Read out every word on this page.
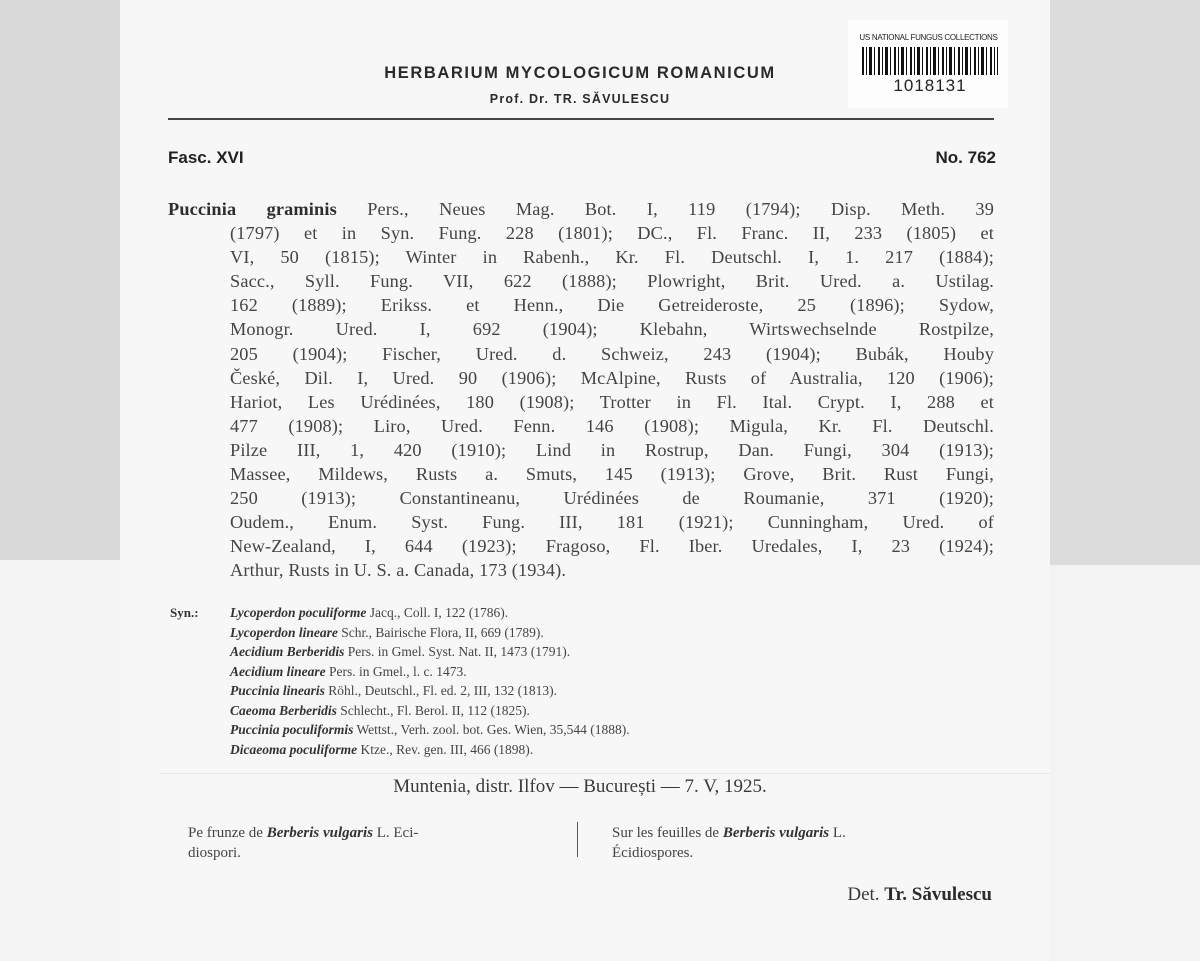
US NATIONAL FUNGUS COLLECTIONS
1018131
HERBARIUM MYCOLOGICUM ROMANICUM
Prof. Dr. TR. SĂVULESCU
Fasc. XVI	No. 762
Puccinia graminis Pers., Neues Mag. Bot. I, 119 (1794); Disp. Meth. 39
(1797) et in Syn. Fung. 228 (1801); DC., Fl. Franc. II, 233 (1805) et
VI, 50 (1815); Winter in Rabenh., Kr. Fl. Deutschl. I, 1. 217 (1884);
Sacc., Syll. Fung. VII, 622 (1888); Plowright, Brit. Ured. a. Ustilag.
162 (1889); Erikss. et Henn., Die Getreideroste, 25 (1896); Sydow,
Monogr. Ured. I, 692 (1904); Klebahn, Wirtswechselnde Rostpilze,
205 (1904); Fischer, Ured. d. Schweiz, 243 (1904); Bubák, Houby
České, Dil. I, Ured. 90 (1906); McAlpine, Rusts of Australia, 120 (1906);
Hariot, Les Urédinées, 180 (1908); Trotter in Fl. Ital. Crypt. I, 288 et
477 (1908); Liro, Ured. Fenn. 146 (1908); Migula, Kr. Fl. Deutschl.
Pilze III, 1, 420 (1910); Lind in Rostrup, Dan. Fungi, 304 (1913);
Massee, Mildews, Rusts a. Smuts, 145 (1913); Grove, Brit. Rust Fungi,
250 (1913); Constantineanu, Urédinées de Roumanie, 371 (1920);
Oudem., Enum. Syst. Fung. III, 181 (1921); Cunningham, Ured. of
New-Zealand, I, 644 (1923); Fragoso, Fl. Iber. Uredales, I, 23 (1924);
Arthur, Rusts in U. S. a. Canada, 173 (1934).
Syn.: Lycoperdon poculiforme Jacq., Coll. I, 122 (1786).
Lycoperdon lineare Schr., Bairische Flora, II, 669 (1789).
Aecidium Berberidis Pers. in Gmel. Syst. Nat. II, 1473 (1791).
Aecidium lineare Pers. in Gmel., l. c. 1473.
Puccinia linearis Röhl., Deutschl., Fl. ed. 2, III, 132 (1813).
Caeoma Berberidis Schlecht., Fl. Berol. II, 112 (1825).
Puccinia poculiformis Wettst., Verh. zool. bot. Ges. Wien, 35,544 (1888).
Dicaeoma poculiforme Ktze., Rev. gen. III, 466 (1898).
Muntenia, distr. Ilfov — București — 7. V, 1925.
Pe frunze de Berberis vulgaris L. Eci-
diospori.
Sur les feuilles de Berberis vulgaris L.
Écidiospores.
Det. Tr. Săvulescu
